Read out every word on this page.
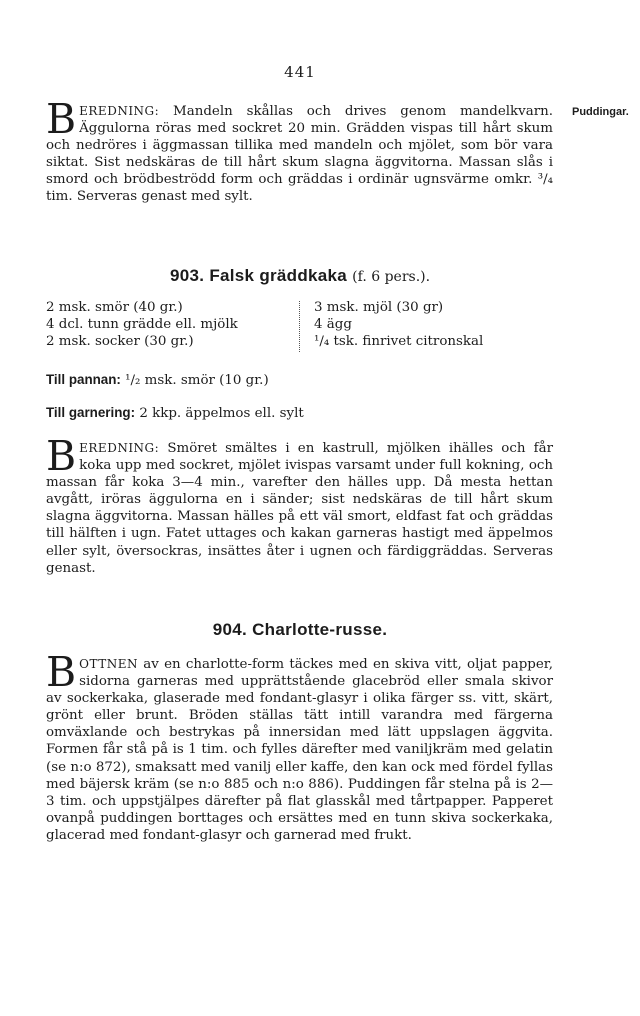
441
Puddingar.
BEREDNING: Mandeln skållas och drives genom mandelkvarn. Äggulorna röras med sockret 20 min. Grädden vispas till hårt skum och nedröres i äggmassan tillika med mandeln och mjölet, som bör vara siktat. Sist nedskäras de till hårt skum slagna äggvitorna. Massan slås i smord och brödbeströdd form och gräddas i ordinär ugnsvärme omkr. ³/₄ tim. Serveras genast med sylt.
903. Falsk gräddkaka (f. 6 pers.).
2 msk. smör (40 gr.)
4 dcl. tunn grädde ell. mjölk
2 msk. socker (30 gr.)
3 msk. mjöl (30 gr)
4 ägg
¹/₄ tsk. finrivet citronskal
Till pannan: ¹/₂ msk. smör (10 gr.)
Till garnering: 2 kkp. äppelmos ell. sylt
BEREDNING: Smöret smältes i en kastrull, mjölken ihälles och får koka upp med sockret, mjölet ivispas varsamt under full kokning, och massan får koka 3—4 min., varefter den hälles upp. Då mesta hettan avgått, iröras äggulorna en i sänder; sist nedskäras de till hårt skum slagna äggvitorna. Massan hälles på ett väl smort, eldfast fat och gräddas till hälften i ugn. Fatet uttages och kakan garneras hastigt med äppelmos eller sylt, översockras, insättes åter i ugnen och färdiggräddas. Serveras genast.
904. Charlotte-russe.
BOTTNEN av en charlotte-form täckes med en skiva vitt, oljat papper, sidorna garneras med upprättstående glacebröd eller smala skivor av sockerkaka, glaserade med fondant-glasyr i olika färger ss. vitt, skärt, grönt eller brunt. Bröden ställas tätt intill varandra med färgerna omväxlande och bestrykas på innersidan med lätt uppslagen äggvita. Formen får stå på is 1 tim. och fylles därefter med vaniljkräm med gelatin (se n:o 872), smaksatt med vanilj eller kaffe, den kan ock med fördel fyllas med bäjersk kräm (se n:o 885 och n:o 886). Puddingen får stelna på is 2—3 tim. och uppstjälpes därefter på flat glasskål med tårtpapper. Papperet ovanpå puddingen borttages och ersättes med en tunn skiva sockerkaka, glacerad med fondant-glasyr och garnerad med frukt.
